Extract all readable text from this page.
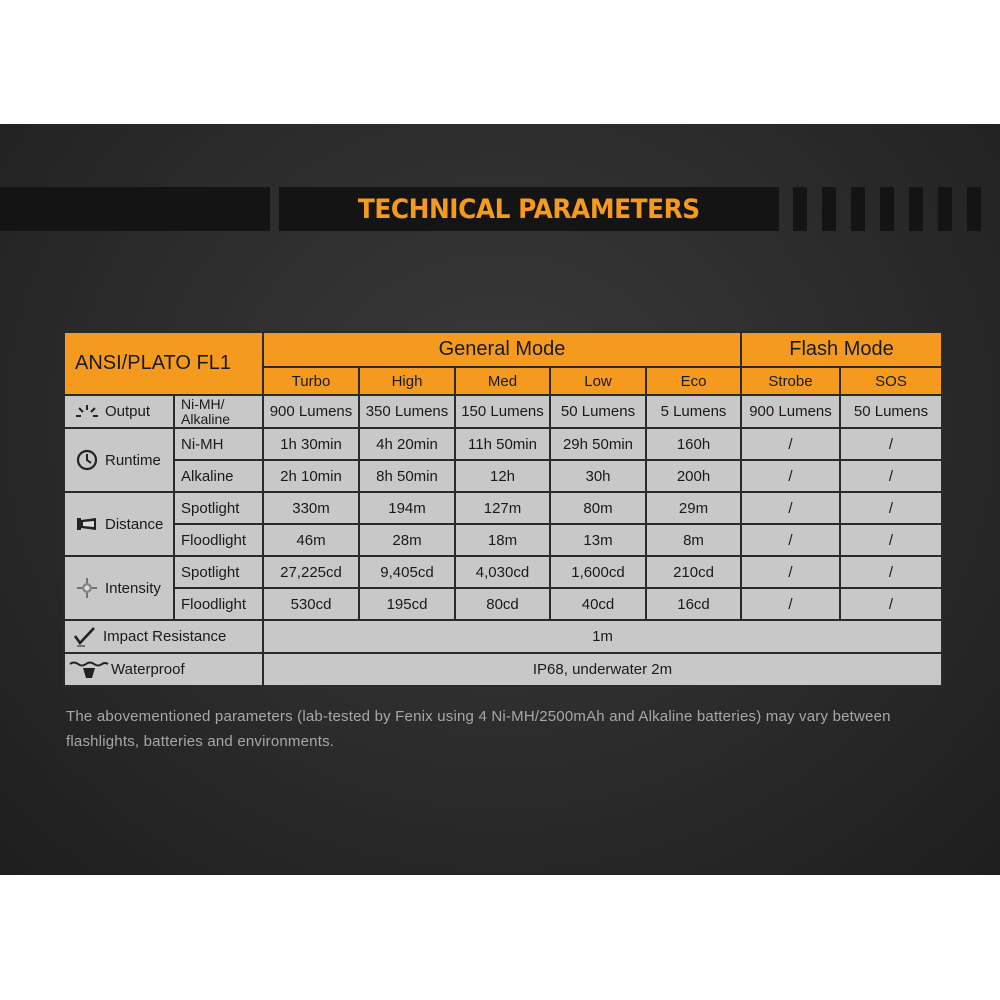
TECHNICAL PARAMETERS
ANSI/PLATO FL1		General Mode					Flash Mode	
		Turbo	High	Med	Low	Eco	Strobe	SOS

Output	Ni-MH/ Alkaline	900 Lumens	350 Lumens	150 Lumens	50 Lumens	5 Lumens	900 Lumens	50 Lumens

Runtime	Ni-MH	1h 30min	4h 20min	11h 50min	29h 50min	160h	/	/
	Alkaline	2h 10min	8h 50min	12h	30h	200h	/	/

Distance	Spotlight	330m	194m	127m	80m	29m	/	/
	Floodlight	46m	28m	18m	13m	8m	/	/

Intensity	Spotlight	27,225cd	9,405cd	4,030cd	1,600cd	210cd	/	/
	Floodlight	530cd	195cd	80cd	40cd	16cd	/	/

Impact Resistance		1m						

Waterproof		IP68, underwater 2m						
The abovementioned parameters (lab-tested by Fenix using 4 Ni-MH/2500mAh and Alkaline batteries) may vary between flashlights, batteries and environments.
